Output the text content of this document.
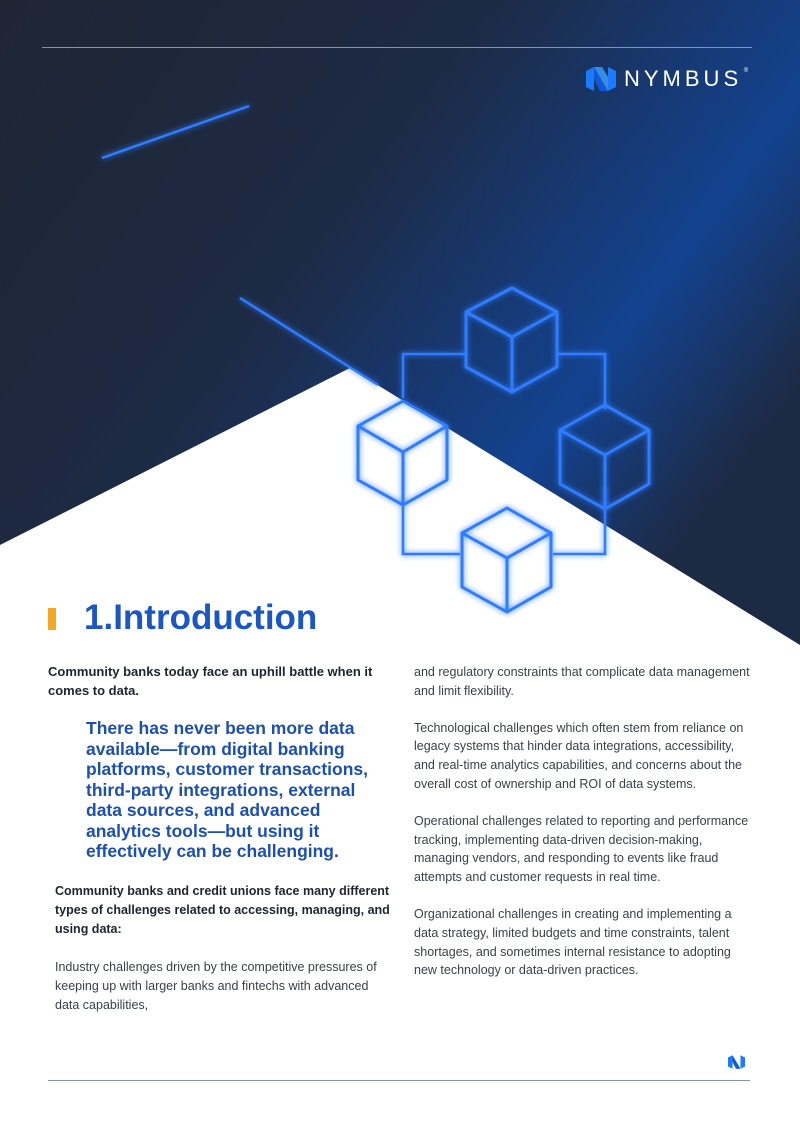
NYMBUS ®
1.Introduction

Community banks today face an uphill battle when it comes to data.

There has never been more data available—from digital banking platforms, customer transactions, third-party integrations, external data sources, and advanced analytics tools—but using it effectively can be challenging.

Community banks and credit unions face many different types of challenges related to accessing, managing, and using data:

Industry challenges driven by the competitive pressures of keeping up with larger banks and fintechs with advanced data capabilities,

and regulatory constraints that complicate data management and limit flexibility.

Technological challenges which often stem from reliance on legacy systems that hinder data integrations, accessibility, and real-time analytics capabilities, and concerns about the overall cost of ownership and ROI of data systems.

Operational challenges related to reporting and performance tracking, implementing data-driven decision-making, managing vendors, and responding to events like fraud attempts and customer requests in real time.

Organizational challenges in creating and implementing a data strategy, limited budgets and time constraints, talent shortages, and sometimes internal resistance to adopting new technology or data-driven practices.
